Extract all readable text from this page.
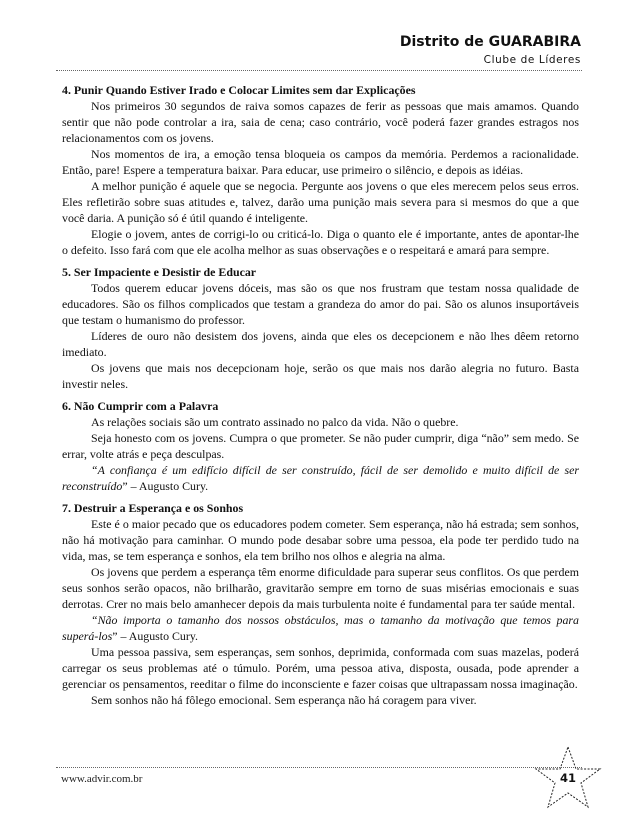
Distrito de GUARABIRA
Clube de Líderes

4. Punir Quando Estiver Irado e Colocar Limites sem dar Explicações

Nos primeiros 30 segundos de raiva somos capazes de ferir as pessoas que mais amamos. Quando sentir que não pode controlar a ira, saia de cena; caso contrário, você poderá fazer grandes estragos nos relacionamentos com os jovens.

Nos momentos de ira, a emoção tensa bloqueia os campos da memória. Perdemos a racionalidade. Então, pare! Espere a temperatura baixar. Para educar, use primeiro o silêncio, e depois as idéias.

A melhor punição é aquele que se negocia. Pergunte aos jovens o que eles merecem pelos seus erros. Eles refletirão sobre suas atitudes e, talvez, darão uma punição mais severa para si mesmos do que a que você daria. A punição só é útil quando é inteligente.

Elogie o jovem, antes de corrigi-lo ou criticá-lo. Diga o quanto ele é importante, antes de apontar-lhe o defeito. Isso fará com que ele acolha melhor as suas observações e o respeitará e amará para sempre.

5. Ser Impaciente e Desistir de Educar

Todos querem educar jovens dóceis, mas são os que nos frustram que testam nossa qualidade de educadores. São os filhos complicados que testam a grandeza do amor do pai. São os alunos insuportáveis que testam o humanismo do professor.

Líderes de ouro não desistem dos jovens, ainda que eles os decepcionem e não lhes dêem retorno imediato.

Os jovens que mais nos decepcionam hoje, serão os que mais nos darão alegria no futuro. Basta investir neles.

6. Não Cumprir com a Palavra

As relações sociais são um contrato assinado no palco da vida. Não o quebre.

Seja honesto com os jovens. Cumpra o que prometer. Se não puder cumprir, diga “não” sem medo. Se errar, volte atrás e peça desculpas.

“A confiança é um edifício difícil de ser construído, fácil de ser demolido e muito difícil de ser reconstruído” – Augusto Cury.

7. Destruir a Esperança e os Sonhos

Este é o maior pecado que os educadores podem cometer. Sem esperança, não há estrada; sem sonhos, não há motivação para caminhar. O mundo pode desabar sobre uma pessoa, ela pode ter perdido tudo na vida, mas, se tem esperança e sonhos, ela tem brilho nos olhos e alegria na alma.

Os jovens que perdem a esperança têm enorme dificuldade para superar seus conflitos. Os que perdem seus sonhos serão opacos, não brilharão, gravitarão sempre em torno de suas misérias emocionais e suas derrotas. Crer no mais belo amanhecer depois da mais turbulenta noite é fundamental para ter saúde mental.

“Não importa o tamanho dos nossos obstáculos, mas o tamanho da motivação que temos para superá-los” – Augusto Cury.

Uma pessoa passiva, sem esperanças, sem sonhos, deprimida, conformada com suas mazelas, poderá carregar os seus problemas até o túmulo. Porém, uma pessoa ativa, disposta, ousada, pode aprender a gerenciar os pensamentos, reeditar o filme do inconsciente e fazer coisas que ultrapassam nossa imaginação.

Sem sonhos não há fôlego emocional. Sem esperança não há coragem para viver.

www.advir.com.br	41
